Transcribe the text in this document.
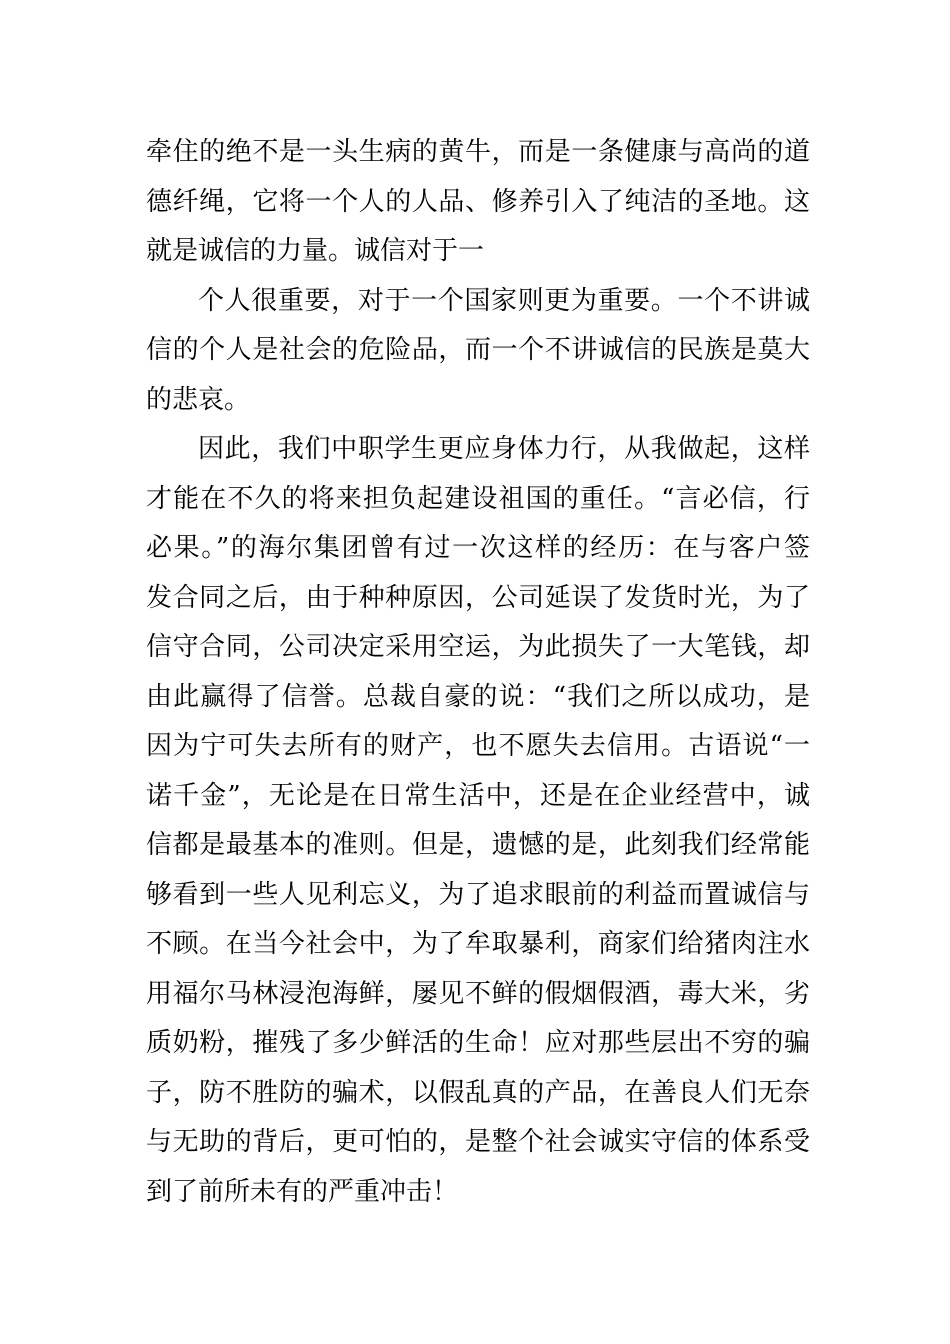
牵住的绝不是一头生病的黄牛，而是一条健康与高尚的道
德纤绳，它将一个人的人品、修养引入了纯洁的圣地。这
就是诚信的力量。诚信对于一
个人很重要，对于一个国家则更为重要。一个不讲诚
信的个人是社会的危险品，而一个不讲诚信的民族是莫大
的悲哀。
因此，我们中职学生更应身体力行，从我做起，这样
才能在不久的将来担负起建设祖国的重任。“言必信，行
必果。”的海尔集团曾有过一次这样的经历：在与客户签
发合同之后，由于种种原因，公司延误了发货时光，为了
信守合同，公司决定采用空运，为此损失了一大笔钱，却
由此赢得了信誉。总裁自豪的说：“我们之所以成功，是
因为宁可失去所有的财产，也不愿失去信用。古语说“一
诺千金”，无论是在日常生活中，还是在企业经营中，诚
信都是最基本的准则。但是，遗憾的是，此刻我们经常能
够看到一些人见利忘义，为了追求眼前的利益而置诚信与
不顾。在当今社会中，为了牟取暴利，商家们给猪肉注水
用福尔马林浸泡海鲜，屡见不鲜的假烟假酒，毒大米，劣
质奶粉，摧残了多少鲜活的生命！应对那些层出不穷的骗
子，防不胜防的骗术，以假乱真的产品，在善良人们无奈
与无助的背后，更可怕的，是整个社会诚实守信的体系受
到了前所未有的严重冲击！
